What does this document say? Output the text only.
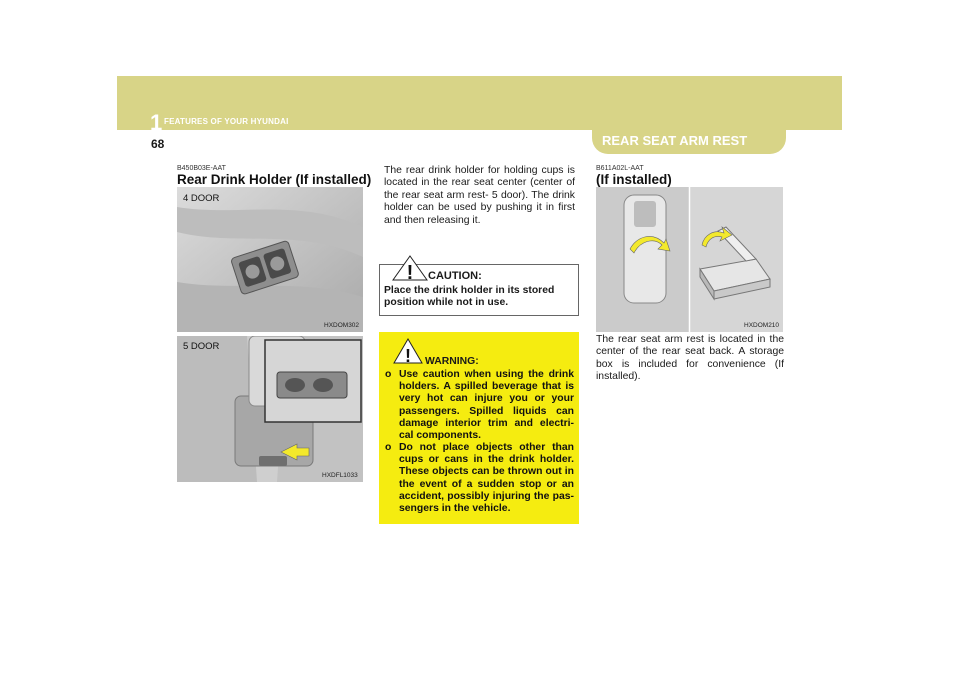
1 FEATURES OF YOUR HYUNDAI
68	REAR SEAT ARM REST
B450B03E-AAT
Rear Drink Holder (If installed)
4 DOOR
HXDOM302
5 DOOR
HXDFL1033
The rear drink holder for holding cups is located in the rear seat center (center of the rear seat arm rest- 5 door). The drink holder can be used by pushing it in first and then releasing it.
! CAUTION:
Place the drink holder in its stored position while not in use.
! WARNING:
o Use caution when using the drink holders. A spilled beverage that is very hot can injure you or your passengers. Spilled liquids can damage interior trim and electri- cal components.
o Do not place objects other than cups or cans in the drink holder. These objects can be thrown out in the event of a sudden stop or an accident, possibly injuring the pas- sengers in the vehicle.
B611A02L-AAT
(If installed)
HXDOM210
The rear seat arm rest is located in the center of the rear seat back. A storage box is included for convenience (If installed).
